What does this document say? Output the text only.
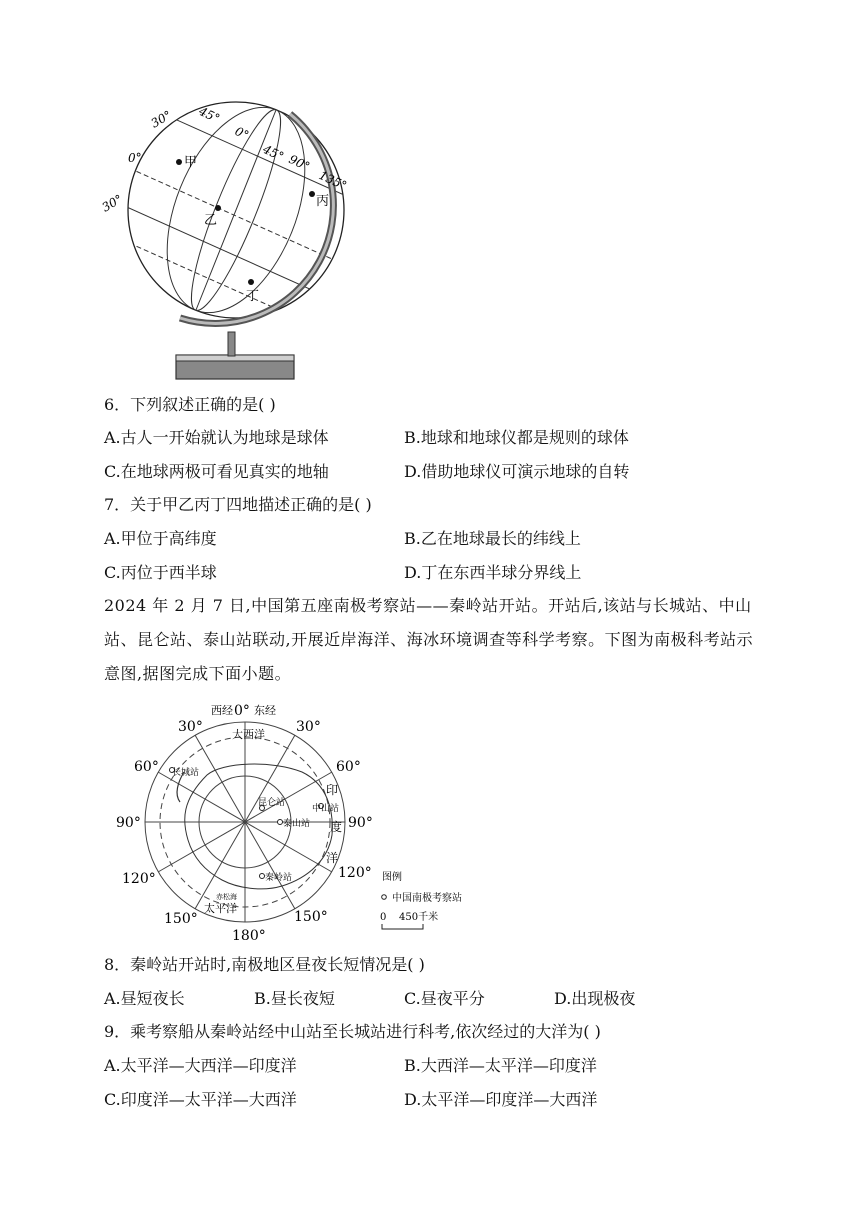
30°
0°
30°
45°
0°
45° 90°
135°
甲
乙
丙
丁
6．下列叙述正确的是( )
A.古人一开始就认为地球是球体	B.地球和地球仪都是规则的球体
C.在地球两极可看见真实的地轴	D.借助地球仪可演示地球的自转
7．关于甲乙丙丁四地描述正确的是( )
A.甲位于高纬度	B.乙在地球最长的纬线上
C.丙位于西半球	D.丁在东西半球分界线上
2024 年 2 月 7 日,中国第五座南极考察站——秦岭站开站。开站后,该站与长城站、中山站、昆仑站、泰山站联动,开展近岸海洋、海冰环境调查等科学考察。下图为南极科考站示意图,据图完成下面小题。
西经 0° 东经
30°	30°
60°	60°
90°	90°
120°	120°
150°	150°
180°
大西洋
印
度
洋
太平洋
赤松海
长城站
昆仑站
中山站
泰山站
秦岭站	图例
中国南极考察站
0 450千米
8．秦岭站开站时,南极地区昼夜长短情况是( )
A.昼短夜长	B.昼长夜短	C.昼夜平分	D.出现极夜
9．乘考察船从秦岭站经中山站至长城站进行科考,依次经过的大洋为( )
A.太平洋—大西洋—印度洋	B.大西洋—太平洋—印度洋
C.印度洋—太平洋—大西洋	D.太平洋—印度洋—大西洋
